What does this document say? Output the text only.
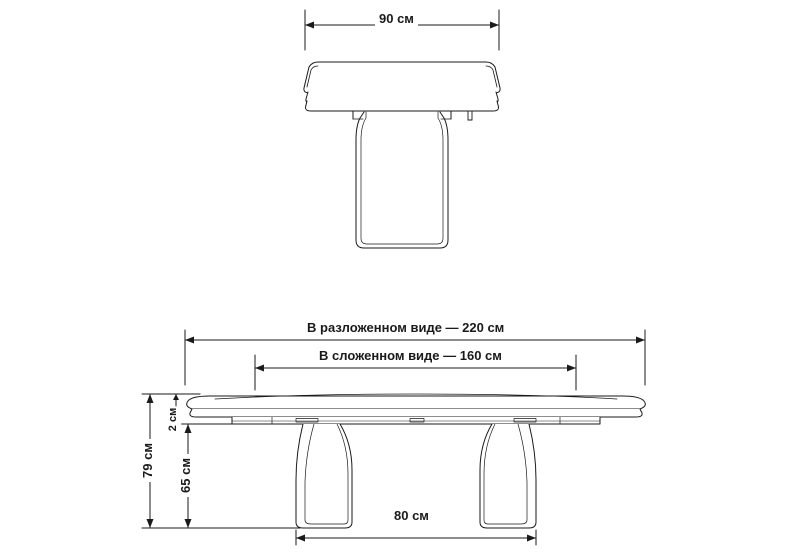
90 см
В разложенном виде — 220 см
В сложенном виде — 160 см
79 см 65 см
2 см
80 см
